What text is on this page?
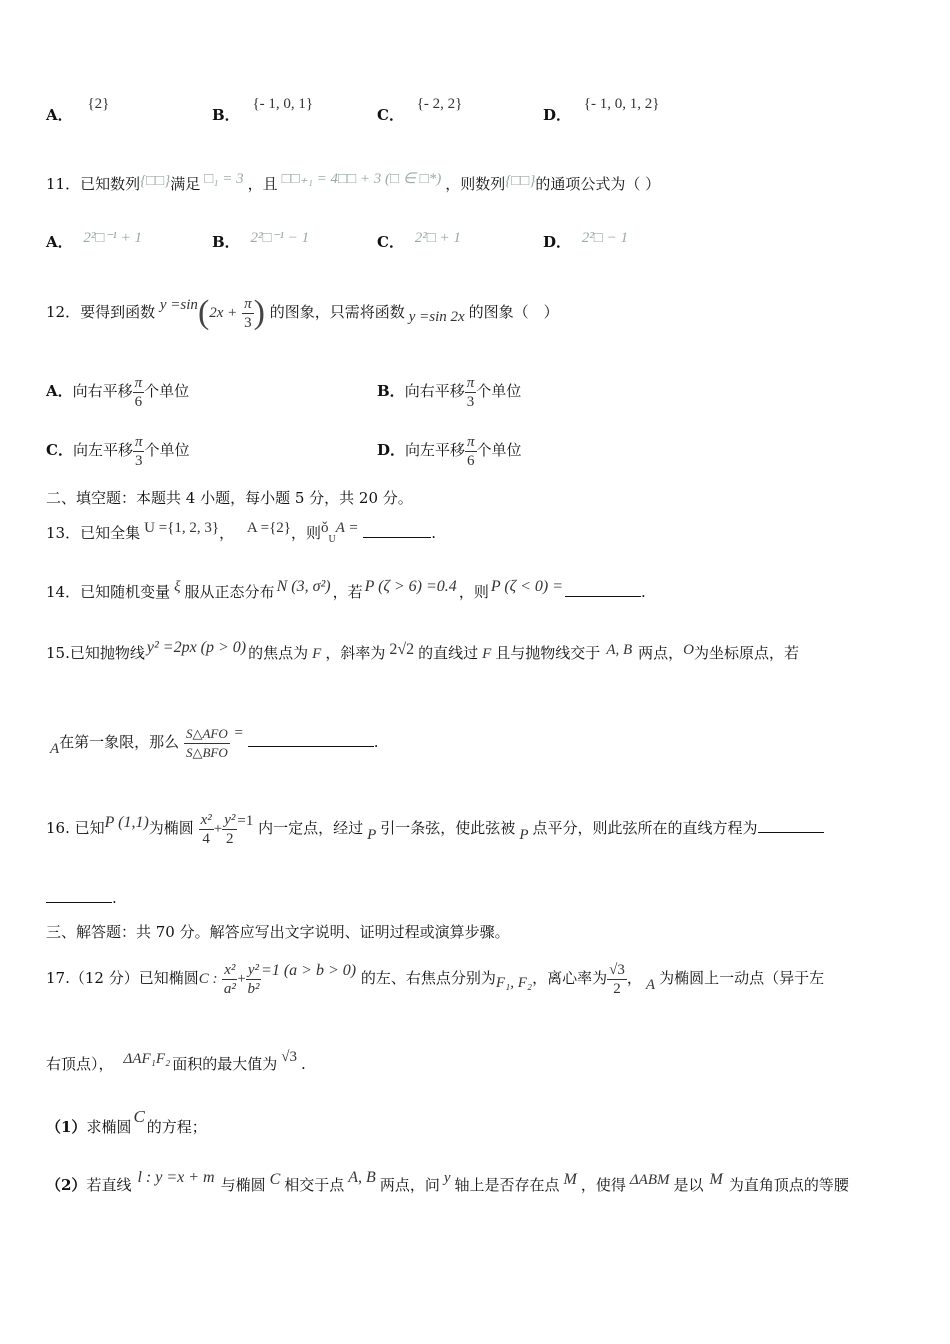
A． {2}
B． {- 1, 0, 1}
C． {- 2, 2}
D． {- 1, 0, 1, 2}
11．已知数列{□□}满足 □₁ = 3 ，且 □□₊₁ = 4□□ + 3 (□ ∈ □*) ，则数列{□□}的通项公式为（ ）
A． 2²□⁻¹ + 1	B． 2²□⁻¹ − 1	C． 2²□ + 1	D． 2²□ − 1
12．要得到函数 $y =\sin(2x + \frac{\pi}{3}$ ) 的图象，只需将函数 y =sin 2x 的图象（　）
A．向右平移 $\frac{\pi}{6}$ 个单位	B．向右平移 $\frac{\pi}{3}$ 个单位
C．向左平移 $\frac{\pi}{3}$ 个单位	D．向左平移 $\frac{\pi}{6}$ 个单位
二、填空题：本题共 4 小题，每小题 5 分，共 20 分。
13．已知全集 U ={1, 2, 3}， A ={2}，则$ǒ_UA$ =	.
14．已知随机变量 ξ 服从正态分布 N (3, σ²) ，若 P (ζ > 6) =0.4 ，则 P (ζ < 0) =	.
15.已知抛物线 y² =2px (p > 0) 的焦点为 F ，斜率为 2√2 的直线过 F 且与抛物线交于 A, B 两点，O为坐标原点，若
A在第一象限，那么 $\frac{\text{S△AFO}}{\text{S△BFO}}$ =	.
16. 已知P (1,1)为椭圆 $\frac{\text{x²}}{4} + \frac{\text{y²}}{2} =1$ 内一定点，经过 P 引一条弦，使此弦被 P 点平分，则此弦所在的直线方程为
.
三、解答题：共 70 分。解答应写出文字说明、证明过程或演算步骤。
17.（12 分）已知椭圆C : $\frac{\text{x²}}{\text{a²}} + \frac{\text{y²}}{\text{b²}} =1$ (a > b > 0) 的左、右焦点分别为F₁, F₂，离心率为 $\frac{√3}{2}$ ， A 为椭圆上一动点（异于左
右顶点）， ΔAF₁F₂ 面积的最大值为 √3 .
（1）求椭圆C的方程；
（2）若直线 l : y =x + m 与椭圆 C 相交于点 A, B 两点，问 y 轴上是否存在点 M ，使得 ΔABM 是以 M 为直角顶点的等腰
